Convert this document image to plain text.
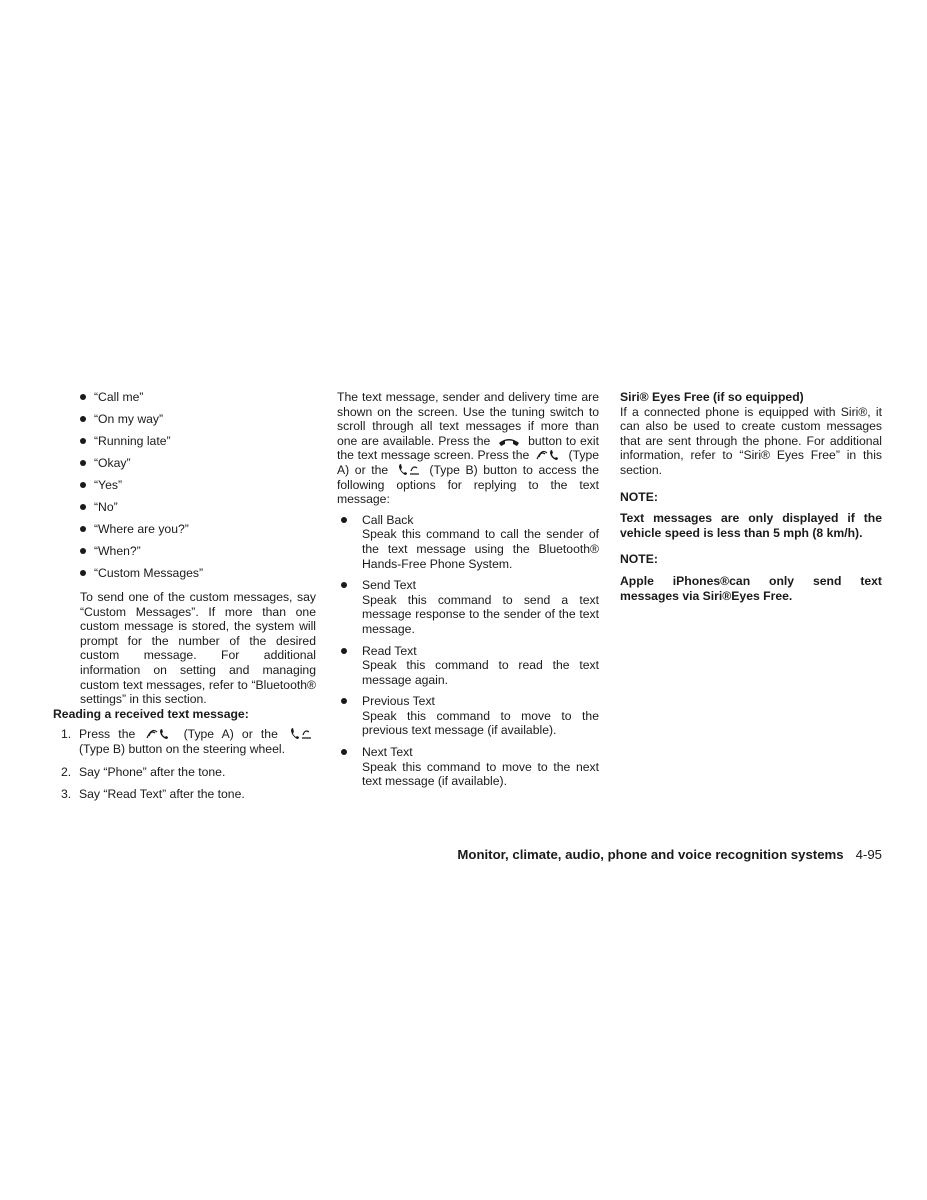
“Call me”
“On my way”
“Running late”
“Okay”
“Yes”
“No”
“Where are you?”
“When?”
“Custom Messages”

To send one of the custom messages, say “Custom Messages”. If more than one custom message is stored, the system will prompt for the number of the desired custom message. For additional information on setting and managing custom text messages, refer to “Bluetooth® settings” in this section.

Reading a received text message:

1. Press the	(Type A) or the
(Type B) button on the steering wheel.
2. Say “Phone” after the tone.
3. Say “Read Text” after the tone.

The text message, sender and delivery time are shown on the screen. Use the tuning switch to scroll through all text messages if more than one are available. Press the	button to exit the text message screen. Press the	(Type A) or the	(Type B) button to access the following options for replying to the text message:

Call Back
Speak this command to call the sender of the text message using the Bluetooth® Hands-Free Phone System.
Send Text
Speak this command to send a text message response to the sender of the text message.
Read Text
Speak this command to read the text message again.
Previous Text
Speak this command to move to the previous text message (if available).
Next Text
Speak this command to move to the next text message (if available).

Siri® Eyes Free (if so equipped)

If a connected phone is equipped with Siri®, it can also be used to create custom messages that are sent through the phone. For additional information, refer to “Siri® Eyes Free” in this section.

NOTE:

Text messages are only displayed if the vehicle speed is less than 5 mph (8 km/h).

NOTE:

Apple iPhones®can only send text messages via Siri®Eyes Free.

Monitor, climate, audio, phone and voice recognition systems 4-95
